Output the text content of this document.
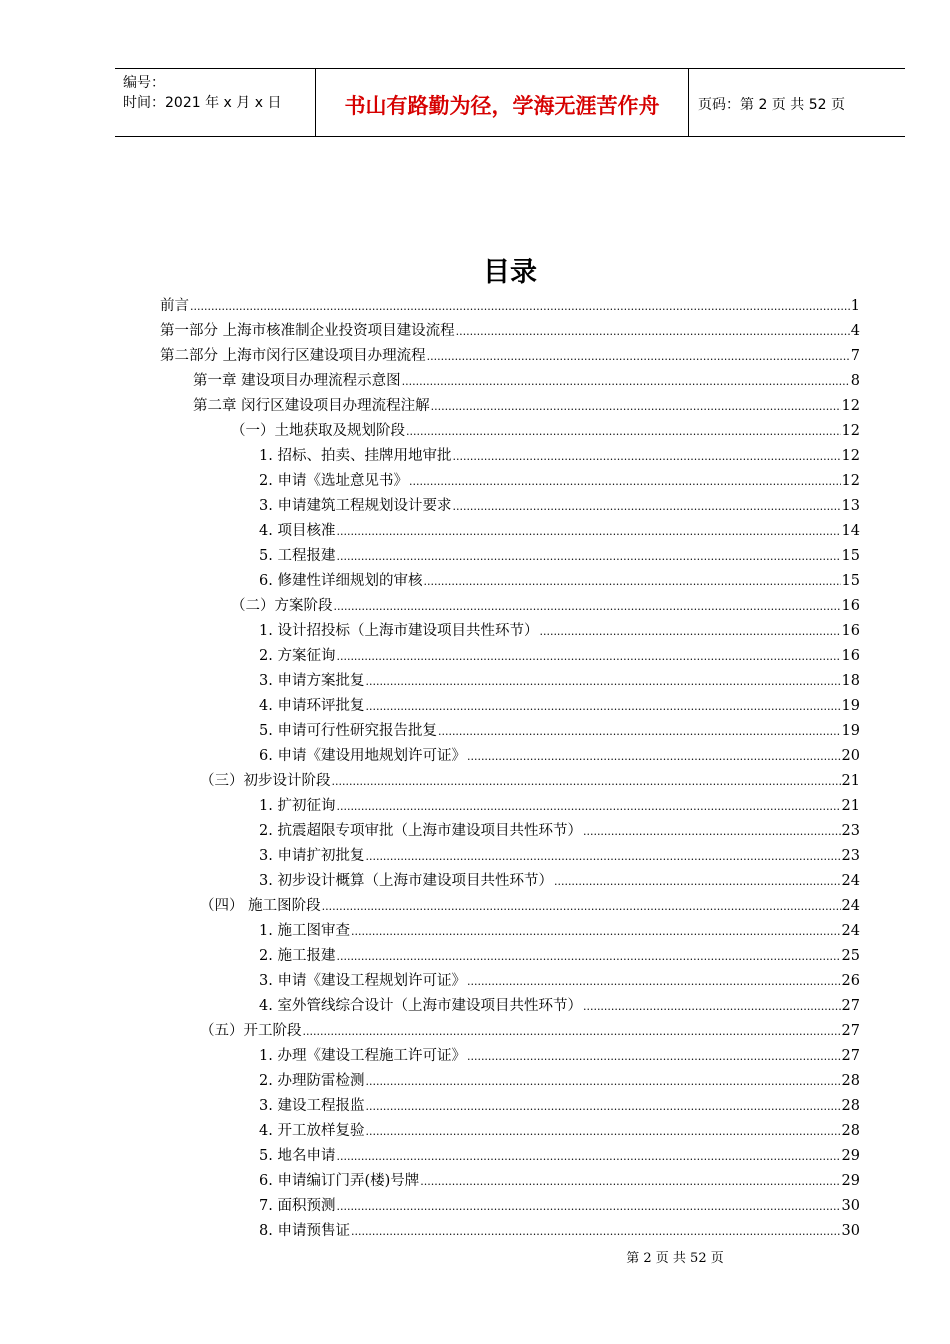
编号：
时间：2021 年 x 月 x 日	书山有路勤为径，学海无涯苦作舟	页码：第 2 页 共 52 页
目录
前言 .....	1
第一部分 上海市核准制企业投资项目建设流程 .....	4
第二部分 上海市闵行区建设项目办理流程 .....	7
第一章 建设项目办理流程示意图 .....	8
第二章 闵行区建设项目办理流程注解 .....	12
（一）土地获取及规划阶段 .....	12
1. 招标、拍卖、挂牌用地审批 .....	12
2. 申请《选址意见书》 .....	12
3. 申请建筑工程规划设计要求 .....	13
4. 项目核准 .....	14
5. 工程报建 .....	15
6. 修建性详细规划的审核 .....	15
（二）方案阶段 .....	16
1. 设计招投标（上海市建设项目共性环节） .....	16
2. 方案征询 .....	16
3. 申请方案批复 .....	18
4. 申请环评批复 .....	19
5. 申请可行性研究报告批复 .....	19
6. 申请《建设用地规划许可证》 .....	20
（三）初步设计阶段 .....	21
1. 扩初征询 .....	21
2. 抗震超限专项审批（上海市建设项目共性环节） .....	23
3. 申请扩初批复 .....	23
3. 初步设计概算（上海市建设项目共性环节） .....	24
（四） 施工图阶段 .....	24
1. 施工图审查 .....	24
2. 施工报建 .....	25
3. 申请《建设工程规划许可证》 .....	26
4. 室外管线综合设计（上海市建设项目共性环节） .....	27
（五）开工阶段 .....	27
1. 办理《建设工程施工许可证》 .....	27
2. 办理防雷检测 .....	28
3. 建设工程报监 .....	28
4. 开工放样复验 .....	28
5. 地名申请 .....	29
6. 申请编订门弄(楼)号牌 .....	29
7. 面积预测 .....	30
8. 申请预售证 .....	30
第 2 页 共 52 页
